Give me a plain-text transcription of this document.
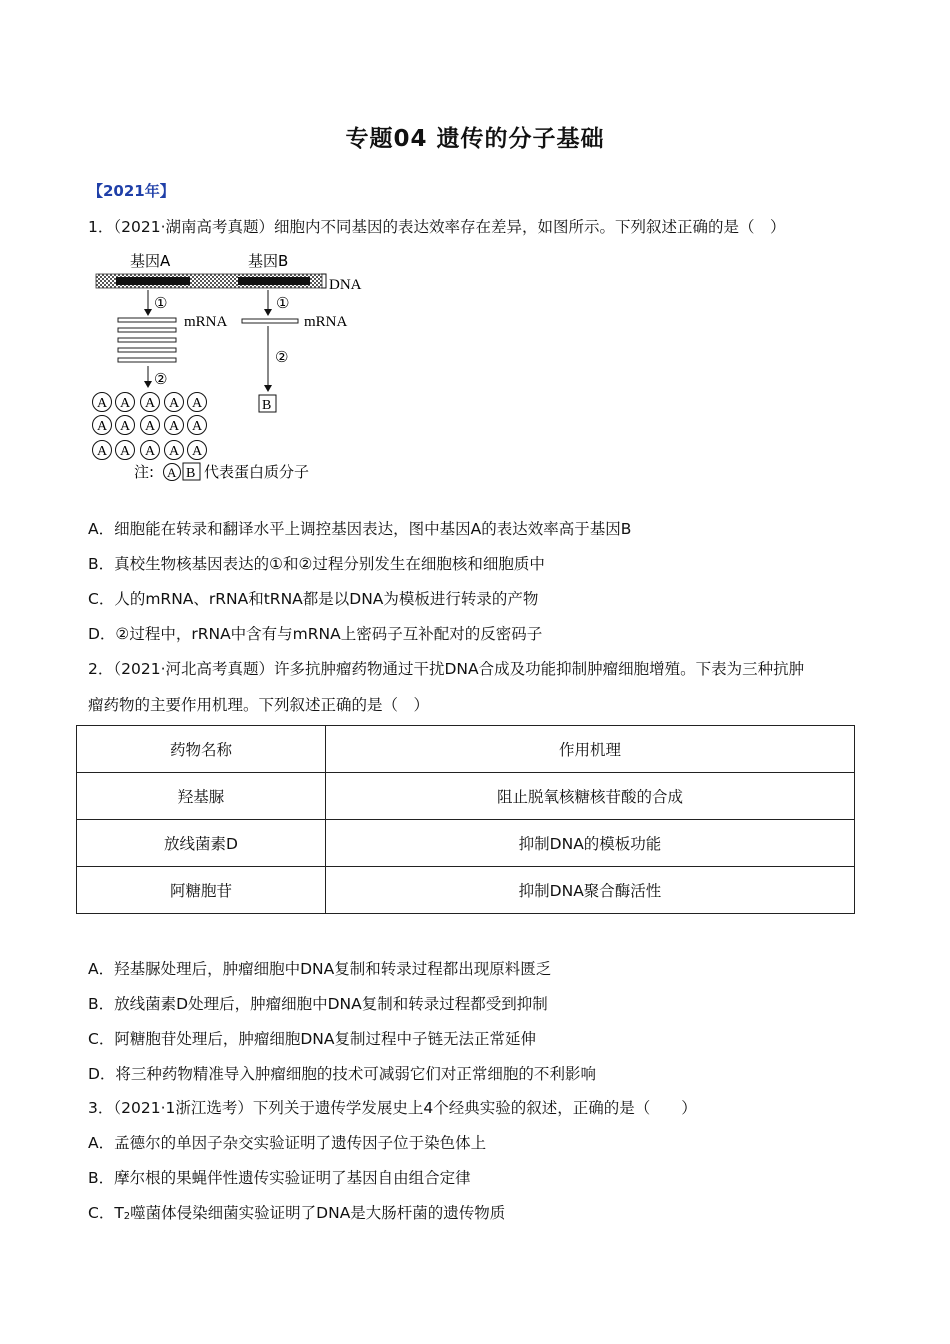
专题04 遗传的分子基础
【2021年】
1．（2021·湖南高考真题）细胞内不同基因的表达效率存在差异，如图所示。下列叙述正确的是（　）
基因A	基因B
DNA
①	①
mRNA	mRNA
②
②
A A A A A
A A A A A
A A A A A
B
注: A B 代表蛋白质分子
A．细胞能在转录和翻译水平上调控基因表达，图中基因A的表达效率高于基因B
B．真校生物核基因表达的①和②过程分别发生在细胞核和细胞质中
C．人的mRNA、rRNA和tRNA都是以DNA为模板进行转录的产物
D．②过程中，rRNA中含有与mRNA上密码子互补配对的反密码子
2．（2021·河北高考真题）许多抗肿瘤药物通过干扰DNA合成及功能抑制肿瘤细胞增殖。下表为三种抗肿
瘤药物的主要作用机理。下列叙述正确的是（　）
药物名称	作用机理
羟基脲	阻止脱氧核糖核苷酸的合成
放线菌素D	抑制DNA的模板功能
阿糖胞苷	抑制DNA聚合酶活性
A．羟基脲处理后，肿瘤细胞中DNA复制和转录过程都出现原料匮乏
B．放线菌素D处理后，肿瘤细胞中DNA复制和转录过程都受到抑制
C．阿糖胞苷处理后，肿瘤细胞DNA复制过程中子链无法正常延伸
D．将三种药物精准导入肿瘤细胞的技术可减弱它们对正常细胞的不利影响
3．（2021·1浙江选考）下列关于遗传学发展史上4个经典实验的叙述，正确的是（　　）
A．孟德尔的单因子杂交实验证明了遗传因子位于染色体上
B．摩尔根的果蝇伴性遗传实验证明了基因自由组合定律
C．$T_2$噬菌体侵染细菌实验证明了DNA是大肠杆菌的遗传物质
